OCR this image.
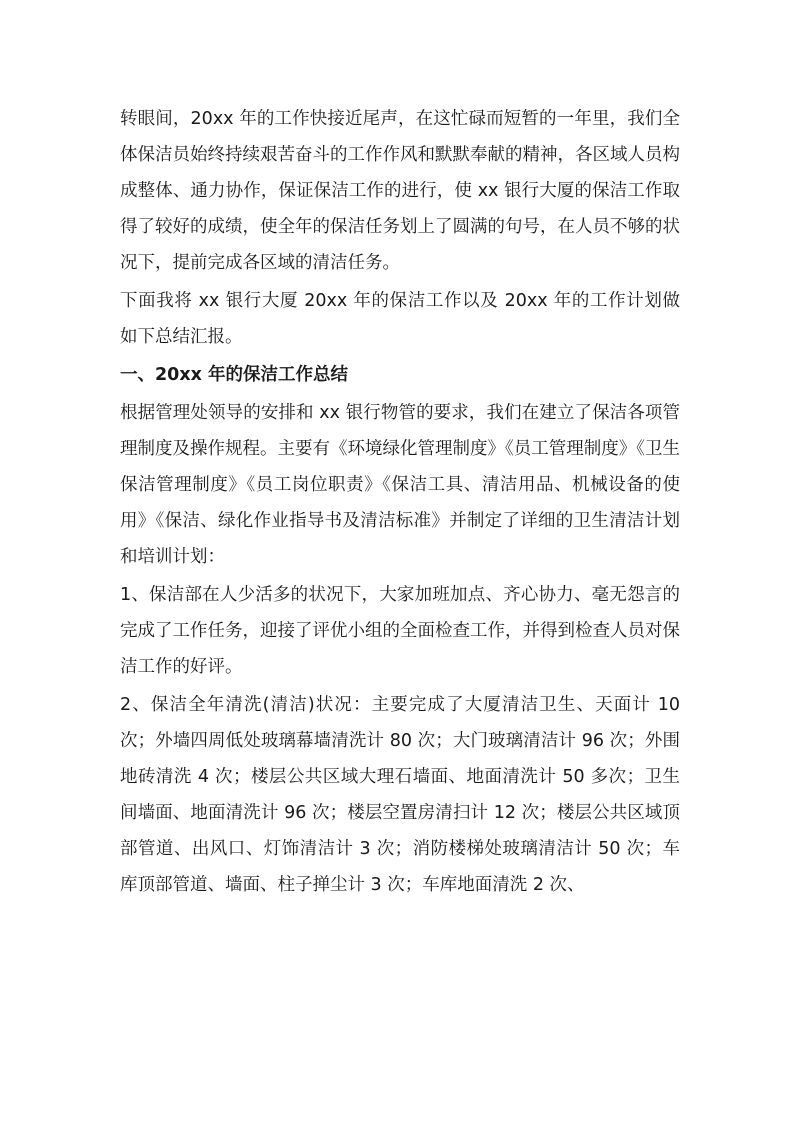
转眼间，20xx 年的工作快接近尾声，在这忙碌而短暂的一年里，我们全体保洁员始终持续艰苦奋斗的工作作风和默默奉献的精神，各区域人员构成整体、通力协作，保证保洁工作的进行，使 xx 银行大厦的保洁工作取得了较好的成绩，使全年的保洁任务划上了圆满的句号，在人员不够的状况下，提前完成各区域的清洁任务。

下面我将 xx 银行大厦 20xx 年的保洁工作以及 20xx 年的工作计划做如下总结汇报。

一、20xx 年的保洁工作总结

根据管理处领导的安排和 xx 银行物管的要求，我们在建立了保洁各项管理制度及操作规程。主要有《环境绿化管理制度》《员工管理制度》《卫生保洁管理制度》《员工岗位职责》《保洁工具、清洁用品、机械设备的使用》《保洁、绿化作业指导书及清洁标准》并制定了详细的卫生清洁计划和培训计划：

1、保洁部在人少活多的状况下，大家加班加点、齐心协力、毫无怨言的完成了工作任务，迎接了评优小组的全面检查工作，并得到检查人员对保洁工作的好评。

2、保洁全年清洗(清洁)状况：主要完成了大厦清洁卫生、天面计 10 次；外墙四周低处玻璃幕墙清洗计 80 次；大门玻璃清洁计 96 次；外围地砖清洗 4 次；楼层公共区域大理石墙面、地面清洗计 50 多次；卫生间墙面、地面清洗计 96 次；楼层空置房清扫计 12 次；楼层公共区域顶部管道、出风口、灯饰清洁计 3 次；消防楼梯处玻璃清洁计 50 次；车库顶部管道、墙面、柱子掸尘计 3 次；车库地面清洗 2 次、
